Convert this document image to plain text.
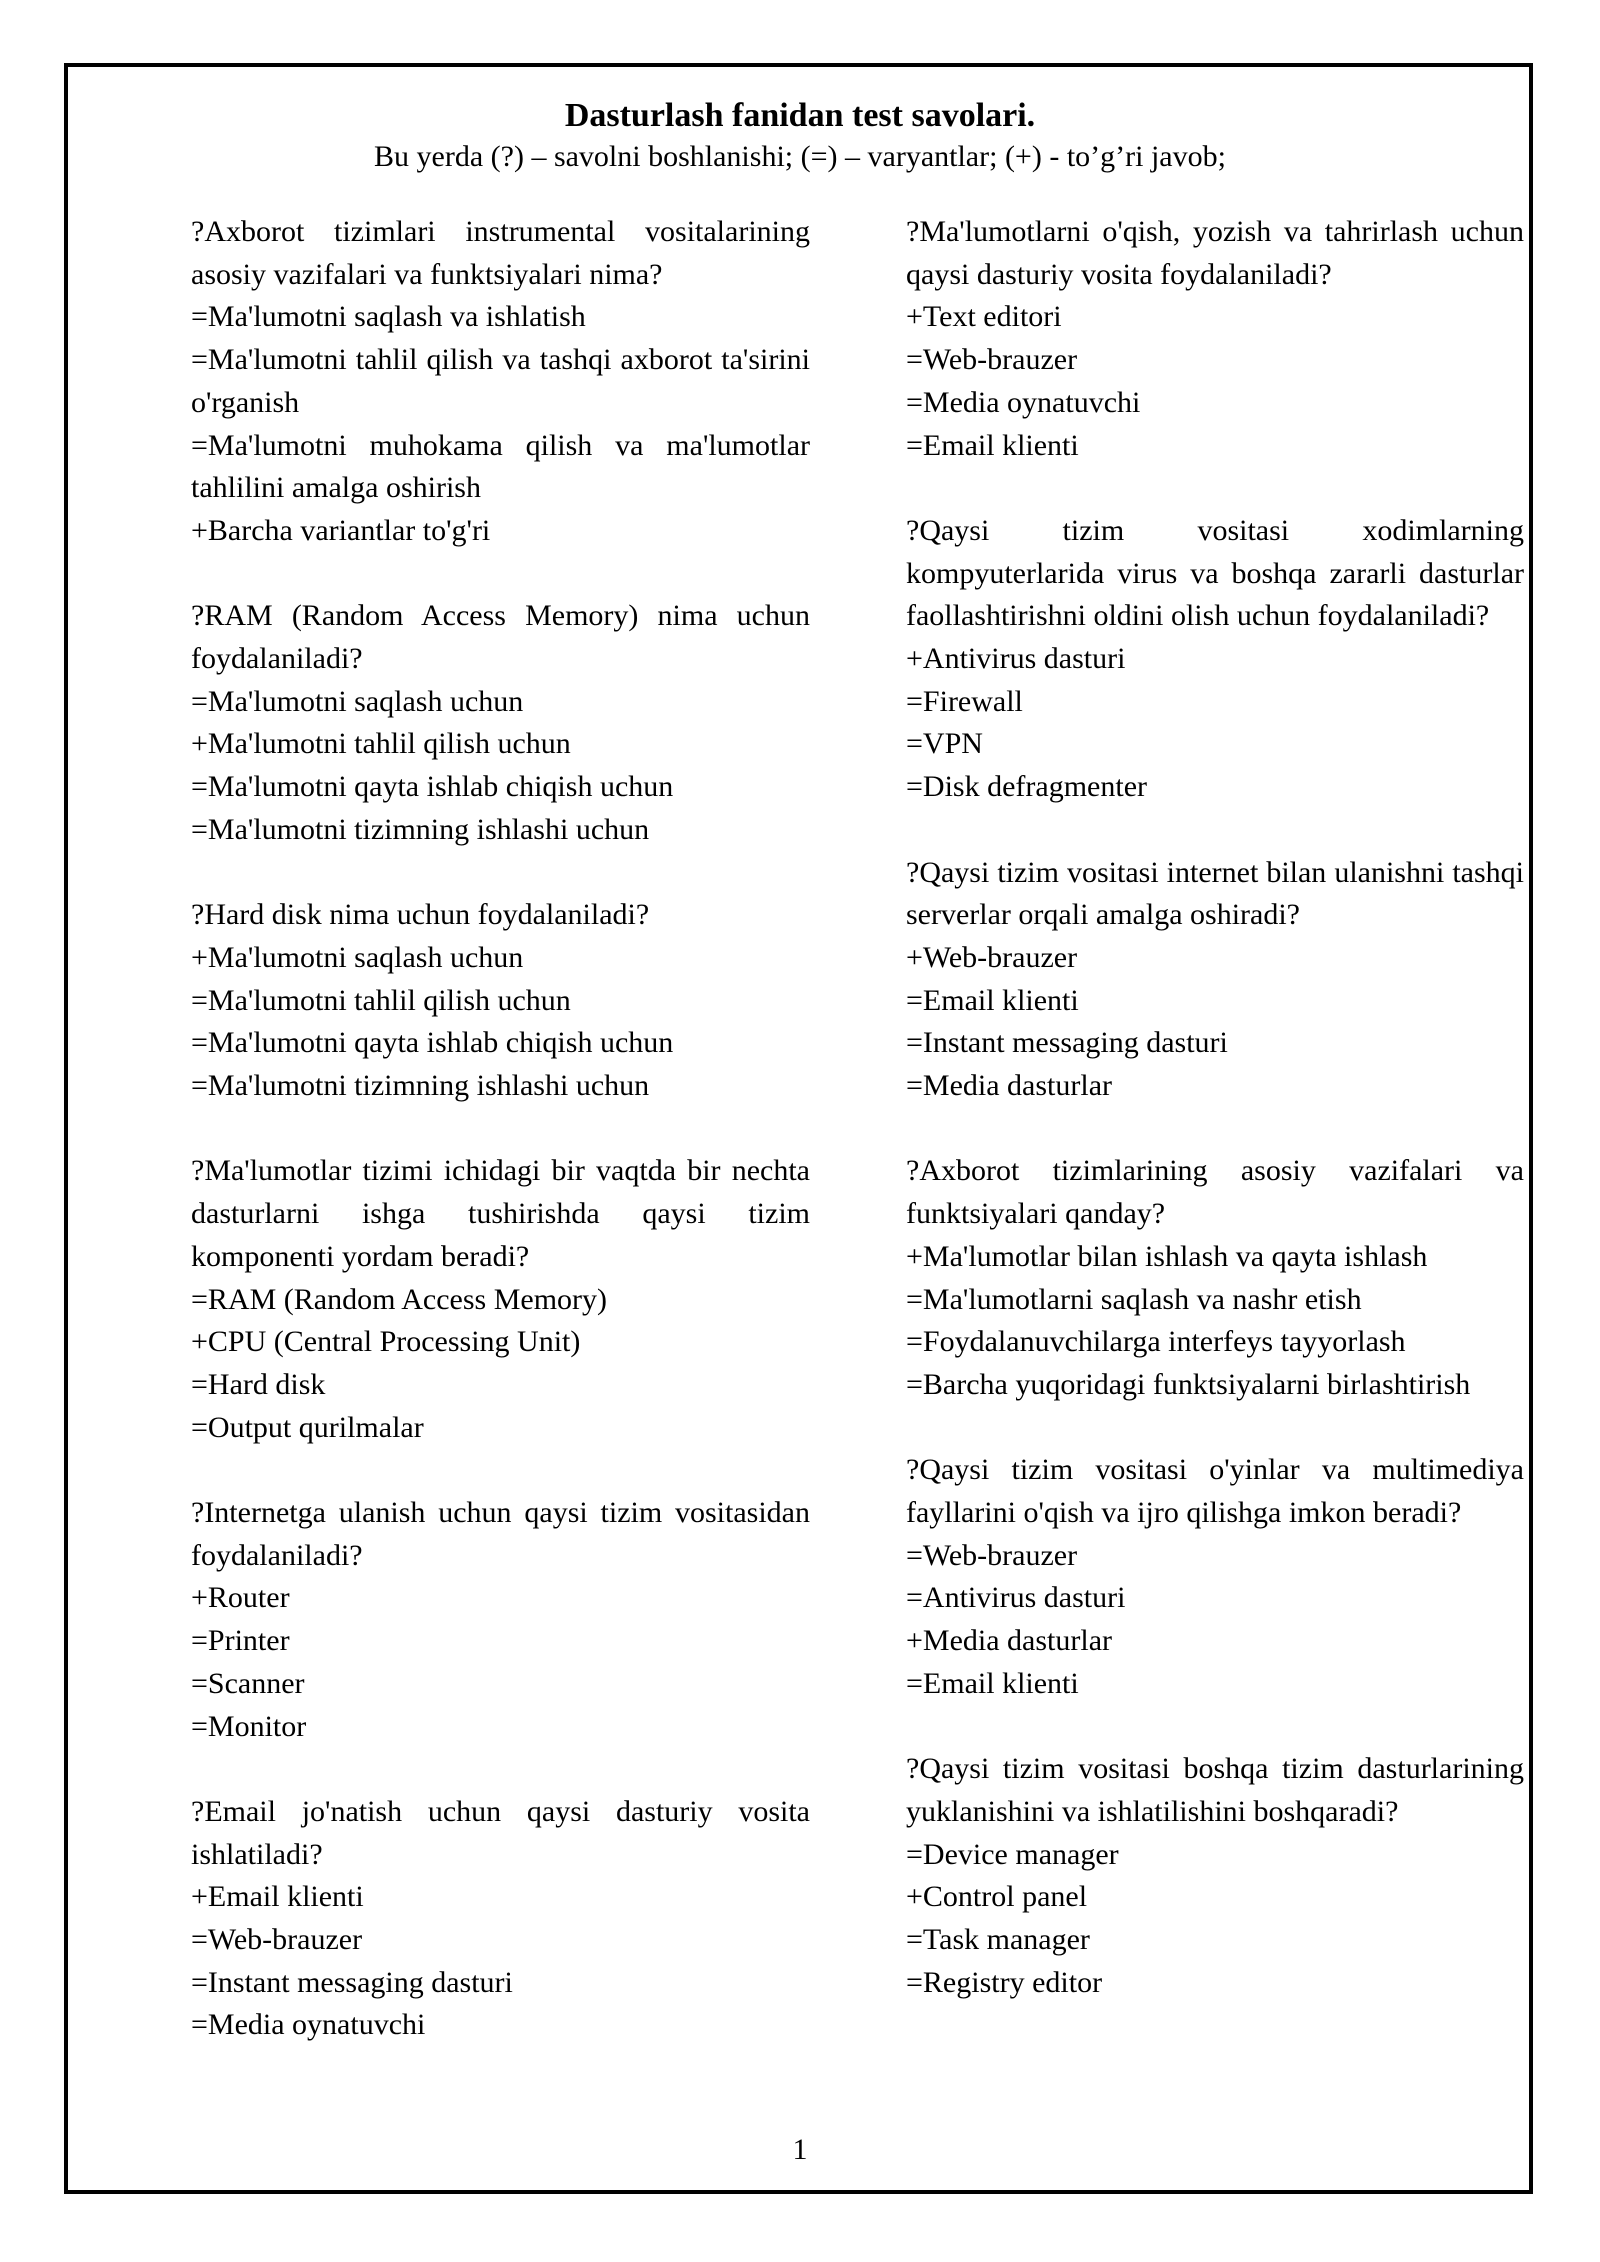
Dasturlash fanidan test savolari.
Bu yerda (?) – savolni boshlanishi; (=) – varyantlar; (+) - to’g’ri javob;
?Axborot tizimlari instrumental vositalarining asosiy vazifalari va funktsiyalari nima?
=Ma'lumotni saqlash va ishlatish
=Ma'lumotni tahlil qilish va tashqi axborot ta'sirini o'rganish
=Ma'lumotni muhokama qilish va ma'lumotlar tahlilini amalga oshirish
+Barcha variantlar to'g'ri
?RAM (Random Access Memory) nima uchun foydalaniladi?
=Ma'lumotni saqlash uchun
+Ma'lumotni tahlil qilish uchun
=Ma'lumotni qayta ishlab chiqish uchun
=Ma'lumotni tizimning ishlashi uchun
?Hard disk nima uchun foydalaniladi?
+Ma'lumotni saqlash uchun
=Ma'lumotni tahlil qilish uchun
=Ma'lumotni qayta ishlab chiqish uchun
=Ma'lumotni tizimning ishlashi uchun
?Ma'lumotlar tizimi ichidagi bir vaqtda bir nechta dasturlarni ishga tushirishda qaysi tizim komponenti yordam beradi?
=RAM (Random Access Memory)
+CPU (Central Processing Unit)
=Hard disk
=Output qurilmalar
?Internetga ulanish uchun qaysi tizim vositasidan foydalaniladi?
+Router
=Printer
=Scanner
=Monitor
?Email jo'natish uchun qaysi dasturiy vosita ishlatiladi?
+Email klienti
=Web-brauzer
=Instant messaging dasturi
=Media oynatuvchi
?Ma'lumotlarni o'qish, yozish va tahrirlash uchun qaysi dasturiy vosita foydalaniladi?
+Text editori
=Web-brauzer
=Media oynatuvchi
=Email klienti
?Qaysi tizim vositasi xodimlarning kompyuterlarida virus va boshqa zararli dasturlar faollashtirishni oldini olish uchun foydalaniladi?
+Antivirus dasturi
=Firewall
=VPN
=Disk defragmenter
?Qaysi tizim vositasi internet bilan ulanishni tashqi serverlar orqali amalga oshiradi?
+Web-brauzer
=Email klienti
=Instant messaging dasturi
=Media dasturlar
?Axborot tizimlarining asosiy vazifalari va funktsiyalari qanday?
+Ma'lumotlar bilan ishlash va qayta ishlash
=Ma'lumotlarni saqlash va nashr etish
=Foydalanuvchilarga interfeys tayyorlash
=Barcha yuqoridagi funktsiyalarni birlashtirish
?Qaysi tizim vositasi o'yinlar va multimediya fayllarini o'qish va ijro qilishga imkon beradi?
=Web-brauzer
=Antivirus dasturi
+Media dasturlar
=Email klienti
?Qaysi tizim vositasi boshqa tizim dasturlarining yuklanishini va ishlatilishini boshqaradi?
=Device manager
+Control panel
=Task manager
=Registry editor
1
